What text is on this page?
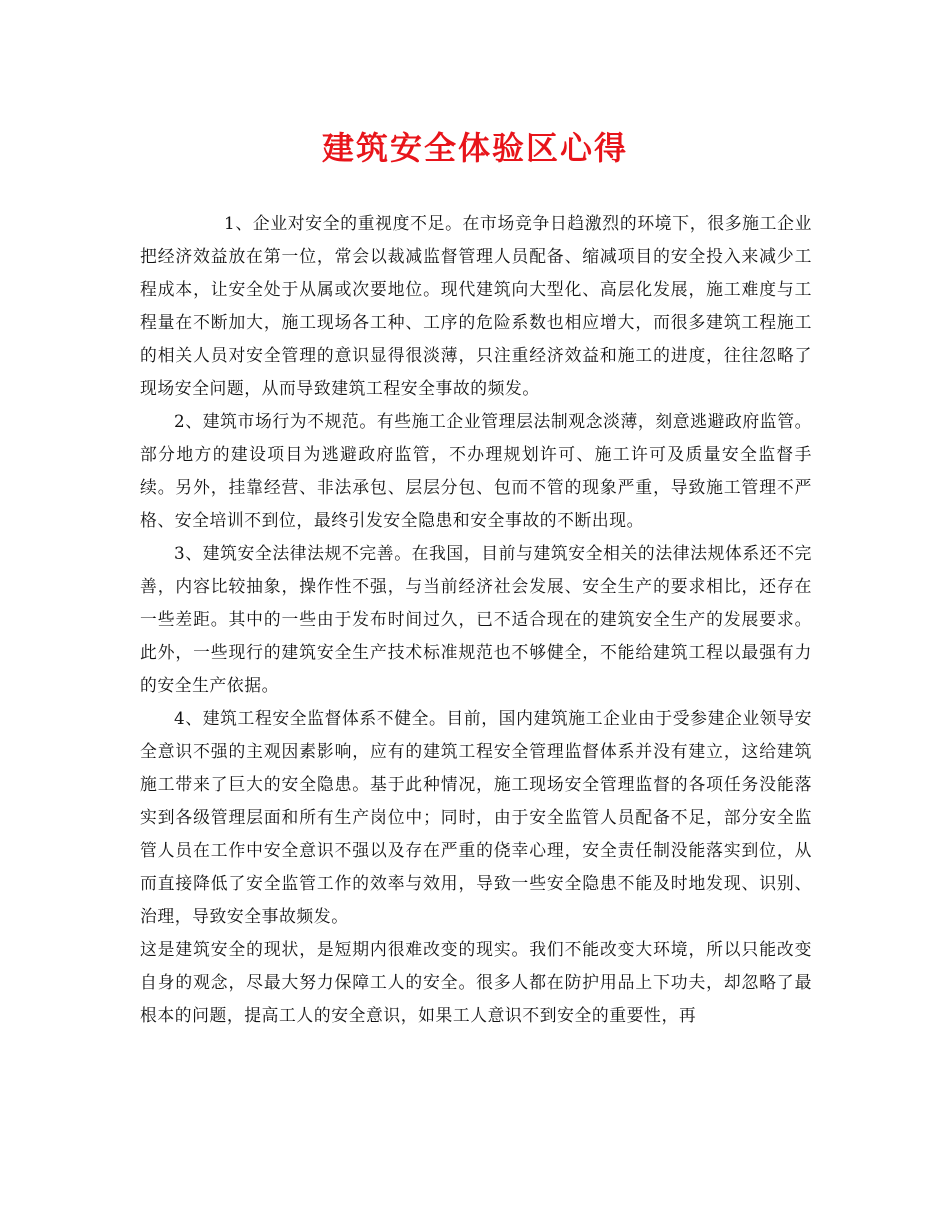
建筑安全体验区心得

1、企业对安全的重视度不足。在市场竞争日趋激烈的环境下，很多施工企业把经济效益放在第一位，常会以裁减监督管理人员配备、缩减项目的安全投入来减少工程成本，让安全处于从属或次要地位。现代建筑向大型化、高层化发展，施工难度与工程量在不断加大，施工现场各工种、工序的危险系数也相应增大，而很多建筑工程施工的相关人员对安全管理的意识显得很淡薄，只注重经济效益和施工的进度，往往忽略了现场安全问题，从而导致建筑工程安全事故的频发。

2、建筑市场行为不规范。有些施工企业管理层法制观念淡薄，刻意逃避政府监管。部分地方的建设项目为逃避政府监管，不办理规划许可、施工许可及质量安全监督手续。另外，挂靠经营、非法承包、层层分包、包而不管的现象严重，导致施工管理不严格、安全培训不到位，最终引发安全隐患和安全事故的不断出现。

3、建筑安全法律法规不完善。在我国，目前与建筑安全相关的法律法规体系还不完善，内容比较抽象，操作性不强，与当前经济社会发展、安全生产的要求相比，还存在一些差距。其中的一些由于发布时间过久，已不适合现在的建筑安全生产的发展要求。此外，一些现行的建筑安全生产技术标准规范也不够健全，不能给建筑工程以最强有力的安全生产依据。

4、建筑工程安全监督体系不健全。目前，国内建筑施工企业由于受参建企业领导安全意识不强的主观因素影响，应有的建筑工程安全管理监督体系并没有建立，这给建筑施工带来了巨大的安全隐患。基于此种情况，施工现场安全管理监督的各项任务没能落实到各级管理层面和所有生产岗位中；同时，由于安全监管人员配备不足，部分安全监管人员在工作中安全意识不强以及存在严重的侥幸心理，安全责任制没能落实到位，从而直接降低了安全监管工作的效率与效用，导致一些安全隐患不能及时地发现、识别、治理，导致安全事故频发。

这是建筑安全的现状，是短期内很难改变的现实。我们不能改变大环境，所以只能改变自身的观念，尽最大努力保障工人的安全。很多人都在防护用品上下功夫，却忽略了最根本的问题，提高工人的安全意识，如果工人意识不到安全的重要性，再
